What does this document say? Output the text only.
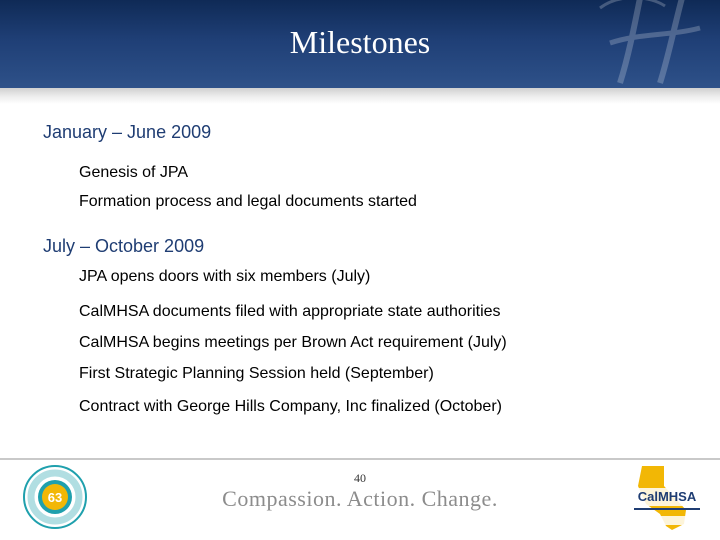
Milestones
January – June 2009
Genesis of JPA
Formation process and legal documents started
July – October 2009
JPA opens doors with six members (July)
CalMHSA documents filed with appropriate state authorities
CalMHSA begins meetings per Brown Act requirement (July)
First Strategic Planning Session held (September)
Contract with George Hills Company, Inc finalized (October)
63
40
Compassion. Action. Change.	CalMHSA
